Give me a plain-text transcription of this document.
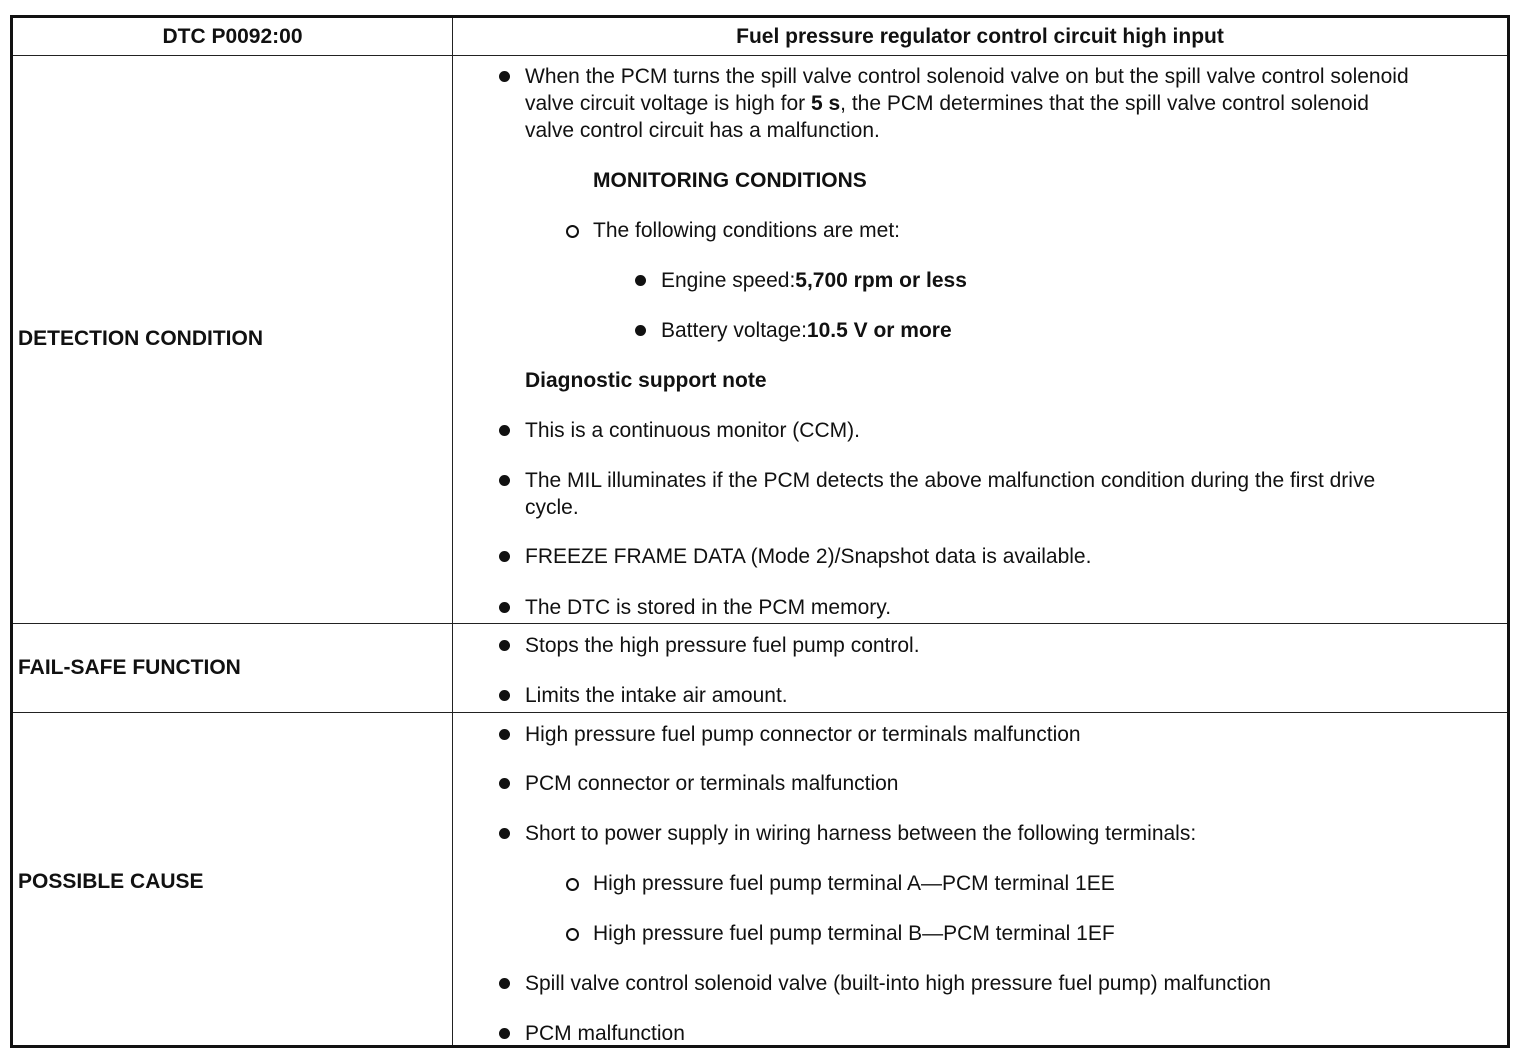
DTC P0092:00	Fuel pressure regulator control circuit high input
DETECTION CONDITION
FAIL-SAFE FUNCTION
POSSIBLE CAUSE
When the PCM turns the spill valve control solenoid valve on but the spill valve control solenoid
valve circuit voltage is high for 5 s, the PCM determines that the spill valve control solenoid
valve control circuit has a malfunction.
MONITORING CONDITIONS
The following conditions are met:
Engine speed:5,700 rpm or less
Battery voltage:10.5 V or more
Diagnostic support note
This is a continuous monitor (CCM).
The MIL illuminates if the PCM detects the above malfunction condition during the first drive
cycle.
FREEZE FRAME DATA (Mode 2)/Snapshot data is available.
The DTC is stored in the PCM memory.
Stops the high pressure fuel pump control.
Limits the intake air amount.
High pressure fuel pump connector or terminals malfunction
PCM connector or terminals malfunction
Short to power supply in wiring harness between the following terminals:
High pressure fuel pump terminal A—PCM terminal 1EE
High pressure fuel pump terminal B—PCM terminal 1EF
Spill valve control solenoid valve (built-into high pressure fuel pump) malfunction
PCM malfunction
